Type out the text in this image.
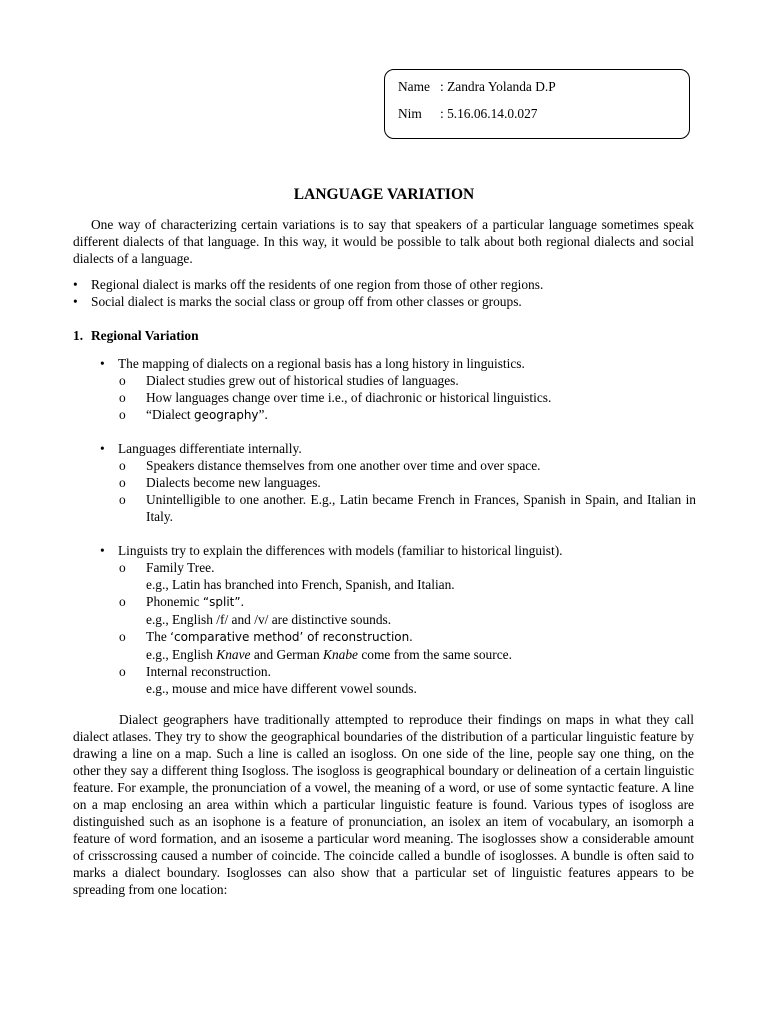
Name : Zandra Yolanda D.P
Nim : 5.16.06.14.0.027
LANGUAGE VARIATION

One way of characterizing certain variations is to say that speakers of a particular language sometimes speak different dialects of that language. In this way, it would be possible to talk about both regional dialects and social dialects of a language.

• Regional dialect is marks off the residents of one region from those of other regions.
• Social dialect is marks the social class or group off from other classes or groups.
1. Regional Variation
• The mapping of dialects on a regional basis has a long history in linguistics.
o Dialect studies grew out of historical studies of languages.
o How languages change over time i.e., of diachronic or historical linguistics.
o “Dialect geography”.
• Languages differentiate internally.
o Speakers distance themselves from one another over time and over space.
o Dialects become new languages.
o Unintelligible to one another. E.g., Latin became French in Frances, Spanish in Spain, and Italian in Italy.
• Linguists try to explain the differences with models (familiar to historical linguist).
o Family Tree.
e.g., Latin has branched into French, Spanish, and Italian.
o Phonemic “split”.
e.g., English /f/ and /v/ are distinctive sounds.
o The ‘comparative method’ of reconstruction.
e.g., English Knave and German Knabe come from the same source.
o Internal reconstruction.
e.g., mouse and mice have different vowel sounds.

Dialect geographers have traditionally attempted to reproduce their findings on maps in what they call dialect atlases. They try to show the geographical boundaries of the distribution of a particular linguistic feature by drawing a line on a map. Such a line is called an isogloss. On one side of the line, people say one thing, on the other they say a different thing Isogloss. The isogloss is geographical boundary or delineation of a certain linguistic feature. For example, the pronunciation of a vowel, the meaning of a word, or use of some syntactic feature. A line on a map enclosing an area within which a particular linguistic feature is found. Various types of isogloss are distinguished such as an isophone is a feature of pronunciation, an isolex an item of vocabulary, an isomorph a feature of word formation, and an isoseme a particular word meaning. The isoglosses show a considerable amount of crisscrossing caused a number of coincide. The coincide called a bundle of isoglosses. A bundle is often said to marks a dialect boundary. Isoglosses can also show that a particular set of linguistic features appears to be spreading from one location:
